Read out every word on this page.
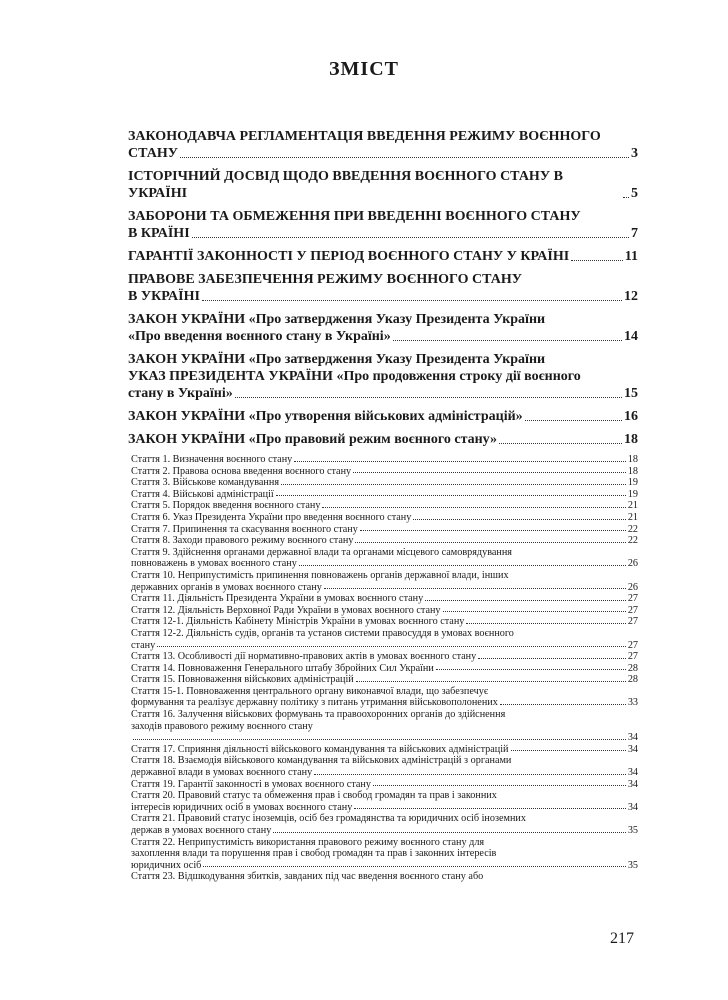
ЗМІСТ
ЗАКОНОДАВЧА РЕГЛАМЕНТАЦІЯ ВВЕДЕННЯ РЕЖИМУ ВОЄННОГО
СТАНУ	3
ІСТОРІЧНИЙ ДОСВІД ЩОДО ВВЕДЕННЯ ВОЄННОГО СТАНУ В УКРАЇНІ	5
ЗАБОРОНИ ТА ОБМЕЖЕННЯ ПРИ ВВЕДЕННІ ВОЄННОГО СТАНУ
В КРАЇНІ	7
ГАРАНТІЇ ЗАКОННОСТІ У ПЕРІОД ВОЄННОГО СТАНУ У КРАЇНІ	11
ПРАВОВЕ ЗАБЕЗПЕЧЕННЯ РЕЖИМУ ВОЄННОГО СТАНУ
В УКРАЇНІ	12
ЗАКОН УКРАЇНИ «Про затвердження Указу Президента України
«Про введення воєнного стану в Україні»	14
ЗАКОН УКРАЇНИ «Про затвердження Указу Президента України
УКАЗ ПРЕЗИДЕНТА УКРАЇНИ «Про продовження строку дії воєнного
стану в Україні»	15
ЗАКОН УКРАЇНИ «Про утворення військових адміністрацій»	16
ЗАКОН УКРАЇНИ «Про правовий режим воєнного стану»	18
Стаття 1. Визначення воєнного стану	18
Стаття 2. Правова основа введення воєнного стану	18
Стаття 3. Військове командування	19
Стаття 4. Військові адміністрації	19
Стаття 5. Порядок введення воєнного стану	21
Стаття 6. Указ Президента України про введення воєнного стану	21
Стаття 7. Припинення та скасування воєнного стану	22
Стаття 8. Заходи правового режиму воєнного стану	22
Стаття 9. Здійснення органами державної влади та органами місцевого самоврядування
повноважень в умовах воєнного стану	26
Стаття 10. Неприпустимість припинення повноважень органів державної влади, інших
державних органів в умовах воєнного стану	26
Стаття 11. Діяльність Президента України в умовах воєнного стану	27
Стаття 12. Діяльність Верховної Ради України в умовах воєнного стану	27
Стаття 12-1. Діяльність Кабінету Міністрів України в умовах воєнного стану	27
Стаття 12-2. Діяльність судів, органів та установ системи правосуддя в умовах воєнного
стану	27
Стаття 13. Особливості дії нормативно-правових актів в умовах воєнного стану	27
Стаття 14. Повноваження Генерального штабу Збройних Сил України	28
Стаття 15. Повноваження військових адміністрацій	28
Стаття 15-1. Повноваження центрального органу виконавчої влади, що забезпечує
формування та реалізує державну політику з питань утримання військовополонених	33
Стаття 16. Залучення військових формувань та правоохоронних органів до здійснення
заходів правового режиму воєнного стану
34
Стаття 17. Сприяння діяльності військового командування та військових адміністрацій	34
Стаття 18. Взаємодія військового командування та військових адміністрацій з органами
державної влади в умовах воєнного стану	34
Стаття 19. Гарантії законності в умовах воєнного стану	34
Стаття 20. Правовий статус та обмеження прав і свобод громадян та прав і законних
інтересів юридичних осіб в умовах воєнного стану	34
Стаття 21. Правовий статус іноземців, осіб без громадянства та юридичних осіб іноземних
держав в умовах воєнного стану	35
Стаття 22. Неприпустимість використання правового режиму воєнного стану для
захоплення влади та порушення прав і свобод громадян та прав і законних інтересів
юридичних осіб	35
Стаття 23. Відшкодування збитків, завданих під час введення воєнного стану або
217
